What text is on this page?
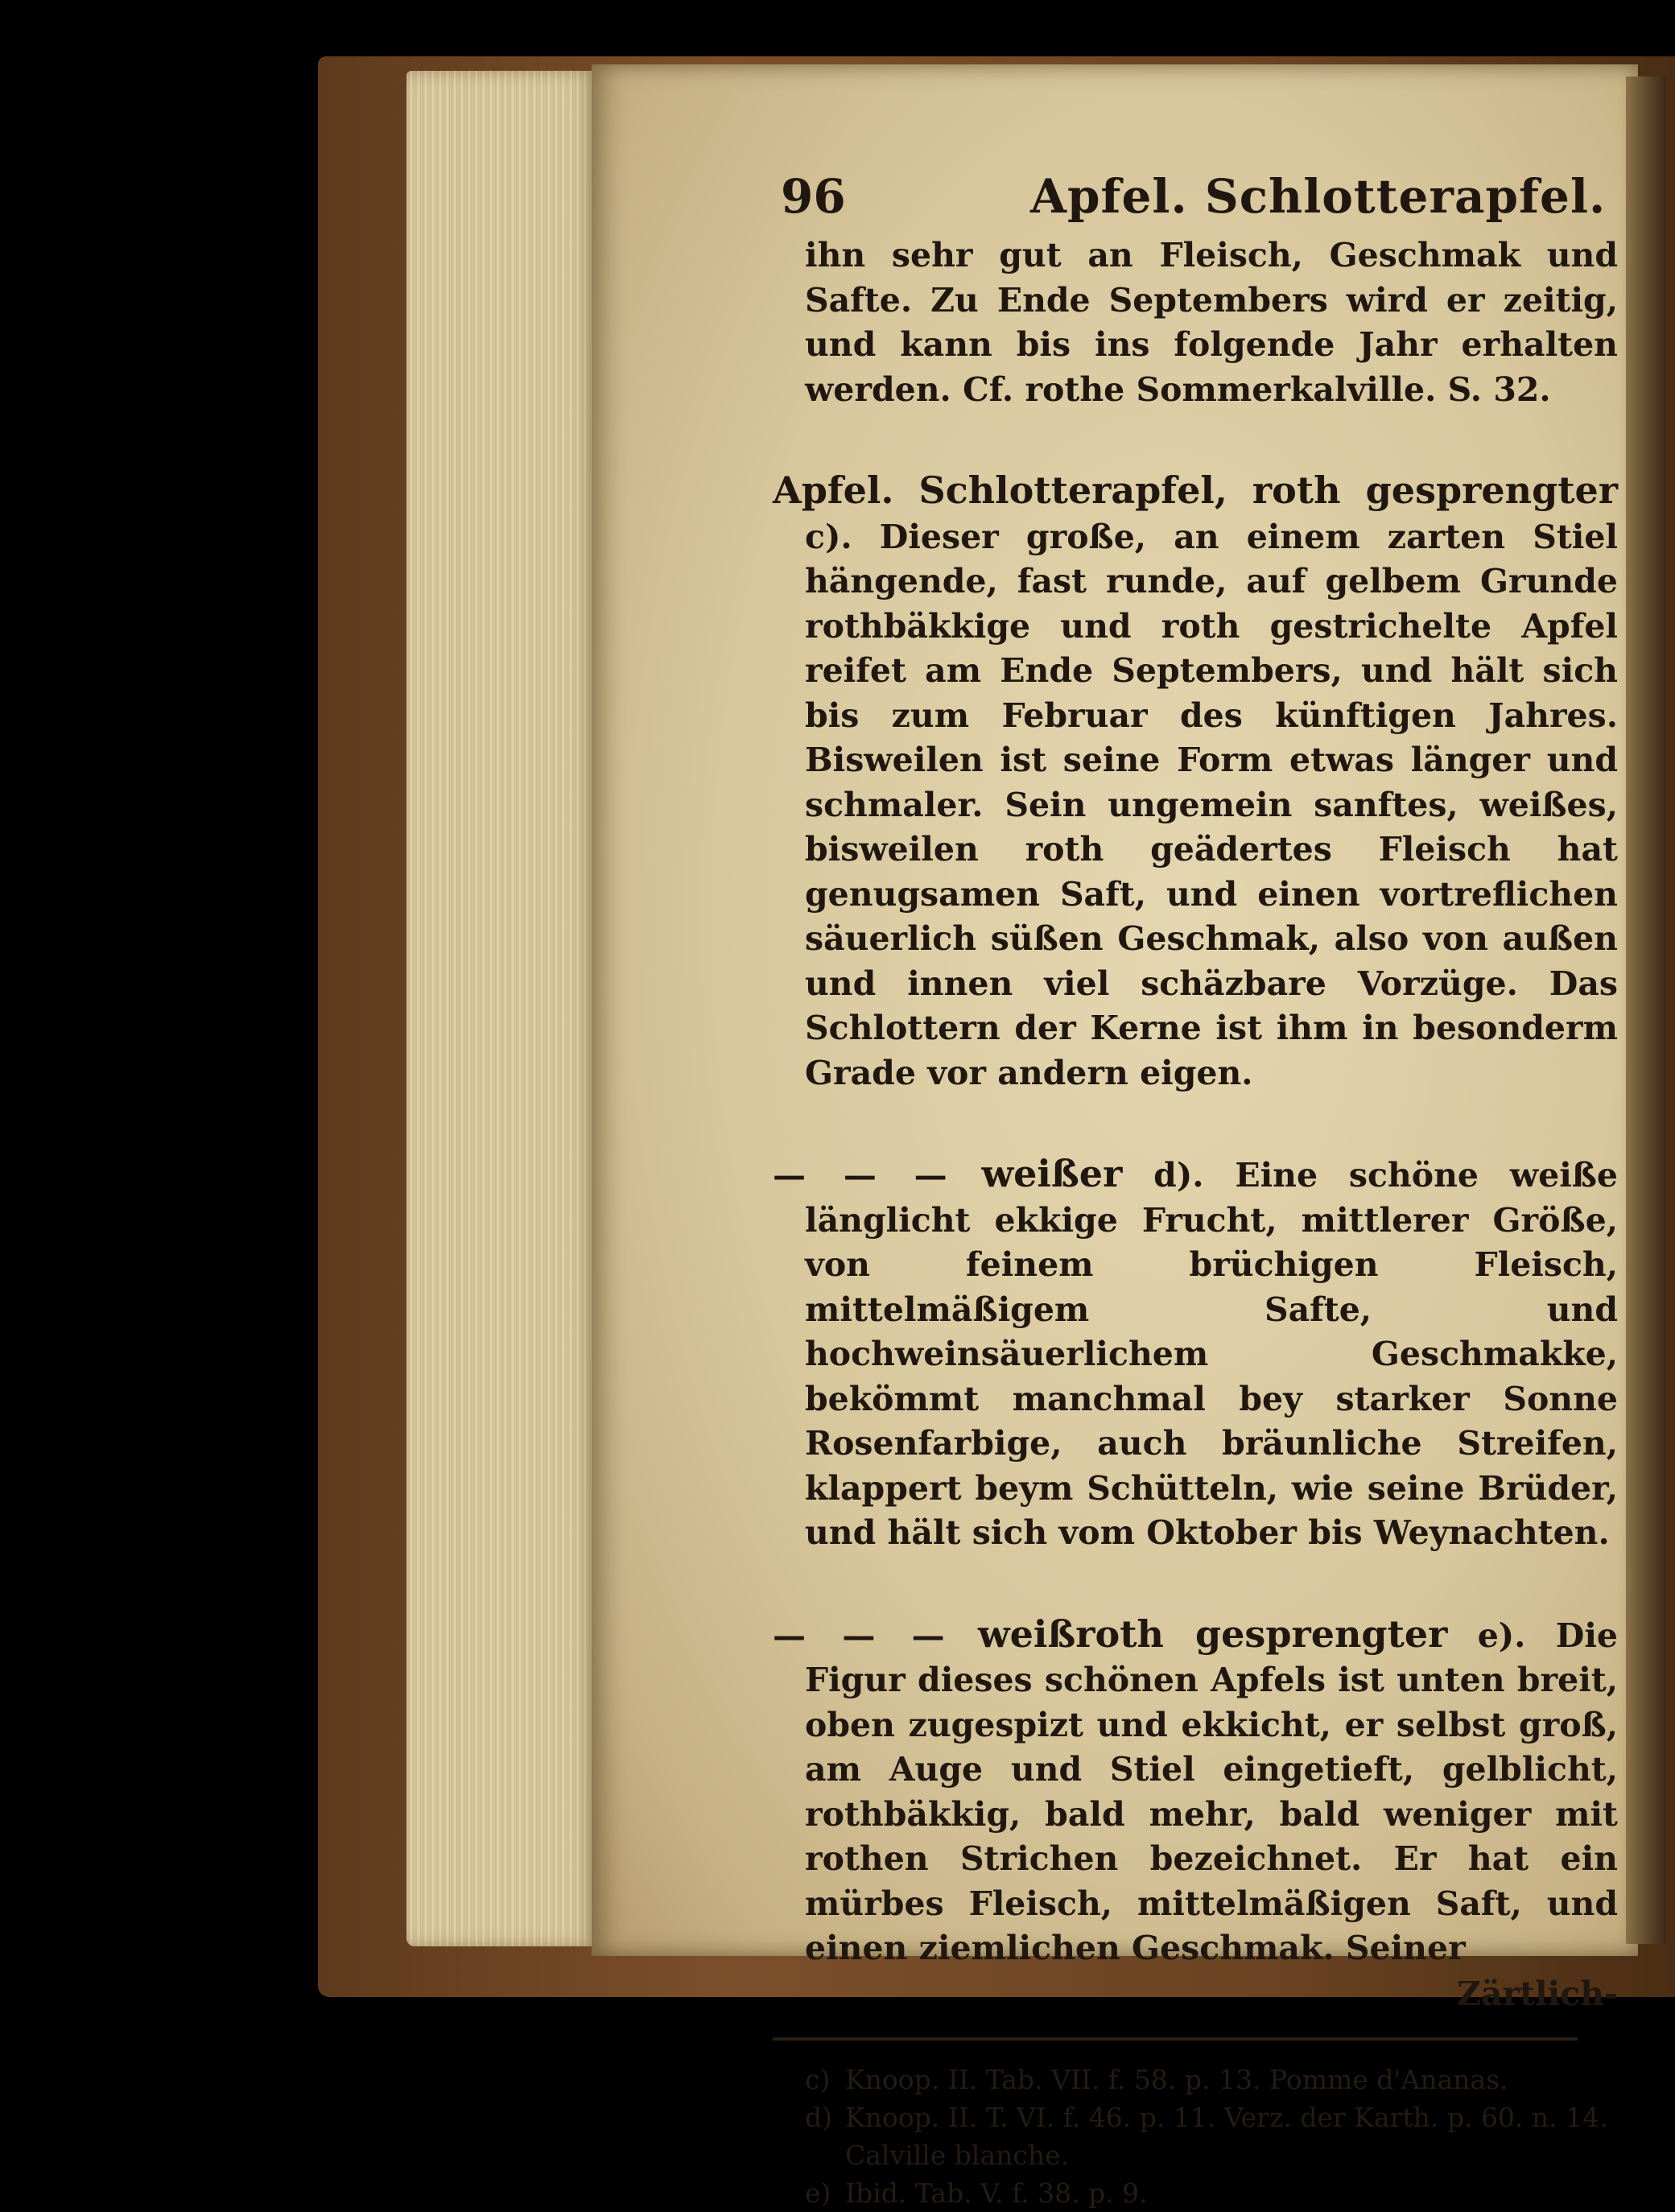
96	Apfel. Schlotterapfel.

ihn sehr gut an Fleisch, Geschmak und Safte. Zu Ende Septembers wird er zeitig, und kann bis ins folgende Jahr erhalten werden. Cf. rothe Sommerkalville. S. 32.

Apfel. Schlotterapfel, roth gesprengter c). Dieser große, an einem zarten Stiel hängende, fast runde, auf gelbem Grunde rothbäkkige und roth gestrichelte Apfel reifet am Ende Septembers, und hält sich bis zum Februar des künftigen Jahres. Bisweilen ist seine Form etwas länger und schmaler. Sein ungemein sanftes, weißes, bisweilen roth geädertes Fleisch hat genugsamen Saft, und einen vortreflichen säuerlich süßen Geschmak, also von außen und innen viel schäzbare Vorzüge. Das Schlottern der Kerne ist ihm in besonderm Grade vor andern eigen.

— — — weißer d). Eine schöne weiße länglicht ekkige Frucht, mittlerer Größe, von feinem brüchigen Fleisch, mittelmäßigem Safte, und hochweinsäuerlichem Geschmakke, bekömmt manchmal bey starker Sonne Rosenfarbige, auch bräunliche Streifen, klappert beym Schütteln, wie seine Brüder, und hält sich vom Oktober bis Weynachten.

— — — weißroth gesprengter e). Die Figur dieses schönen Apfels ist unten breit, oben zugespizt und ekkicht, er selbst groß, am Auge und Stiel eingetieft, gelblicht, rothbäkkig, bald mehr, bald weniger mit rothen Strichen bezeichnet. Er hat ein mürbes Fleisch, mittelmäßigen Saft, und einen ziemlichen Geschmak. Seiner

Zärtlich-

c) Knoop. II. Tab. VII. f. 58. p. 13. Pomme d'Ananas.

d) Knoop. II. T. VI. f. 46. p. 11. Verz. der Karth. p. 60. n. 14.

Calville blanche.

e) Ibid. Tab. V. f. 38. p. 9.
